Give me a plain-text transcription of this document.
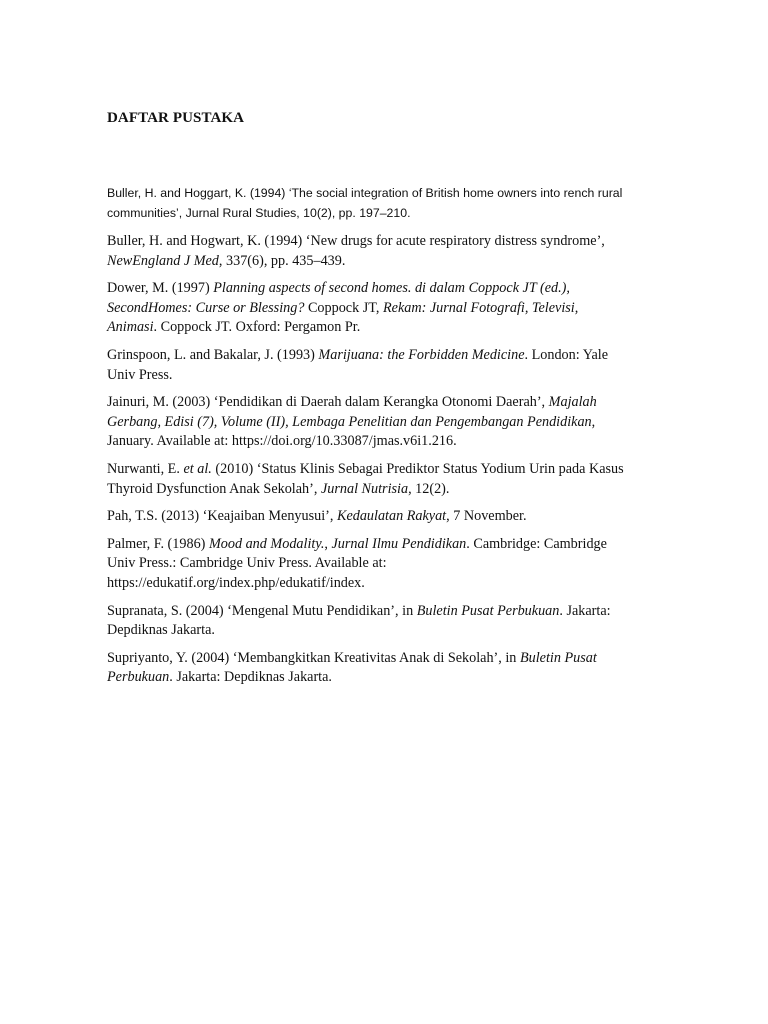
DAFTAR PUSTAKA

Buller, H. and Hoggart, K. (1994) ‘The social integration of British home owners into rench rural
communities’, Jurnal Rural Studies, 10(2), pp. 197–210.

Buller, H. and Hogwart, K. (1994) ‘New drugs for acute respiratory distress syndrome’,
NewEngland J Med, 337(6), pp. 435–439.

Dower, M. (1997) Planning aspects of second homes. di dalam Coppock JT (ed.),
SecondHomes: Curse or Blessing? Coppock JT, Rekam: Jurnal Fotografi, Televisi,
Animasi. Coppock JT. Oxford: Pergamon Pr.

Grinspoon, L. and Bakalar, J. (1993) Marijuana: the Forbidden Medicine. London: Yale
Univ Press.

Jainuri, M. (2003) ‘Pendidikan di Daerah dalam Kerangka Otonomi Daerah’, Majalah
Gerbang, Edisi (7), Volume (II), Lembaga Penelitian dan Pengembangan Pendidikan,
January. Available at: https://doi.org/10.33087/jmas.v6i1.216.

Nurwanti, E. et al. (2010) ‘Status Klinis Sebagai Prediktor Status Yodium Urin pada Kasus
Thyroid Dysfunction Anak Sekolah’, Jurnal Nutrisia, 12(2).

Pah, T.S. (2013) ‘Keajaiban Menyusui’, Kedaulatan Rakyat, 7 November.

Palmer, F. (1986) Mood and Modality., Jurnal Ilmu Pendidikan. Cambridge: Cambridge
Univ Press.: Cambridge Univ Press. Available at:
https://edukatif.org/index.php/edukatif/index.

Supranata, S. (2004) ‘Mengenal Mutu Pendidikan’, in Buletin Pusat Perbukuan. Jakarta:
Depdiknas Jakarta.

Supriyanto, Y. (2004) ‘Membangkitkan Kreativitas Anak di Sekolah’, in Buletin Pusat
Perbukuan. Jakarta: Depdiknas Jakarta.
